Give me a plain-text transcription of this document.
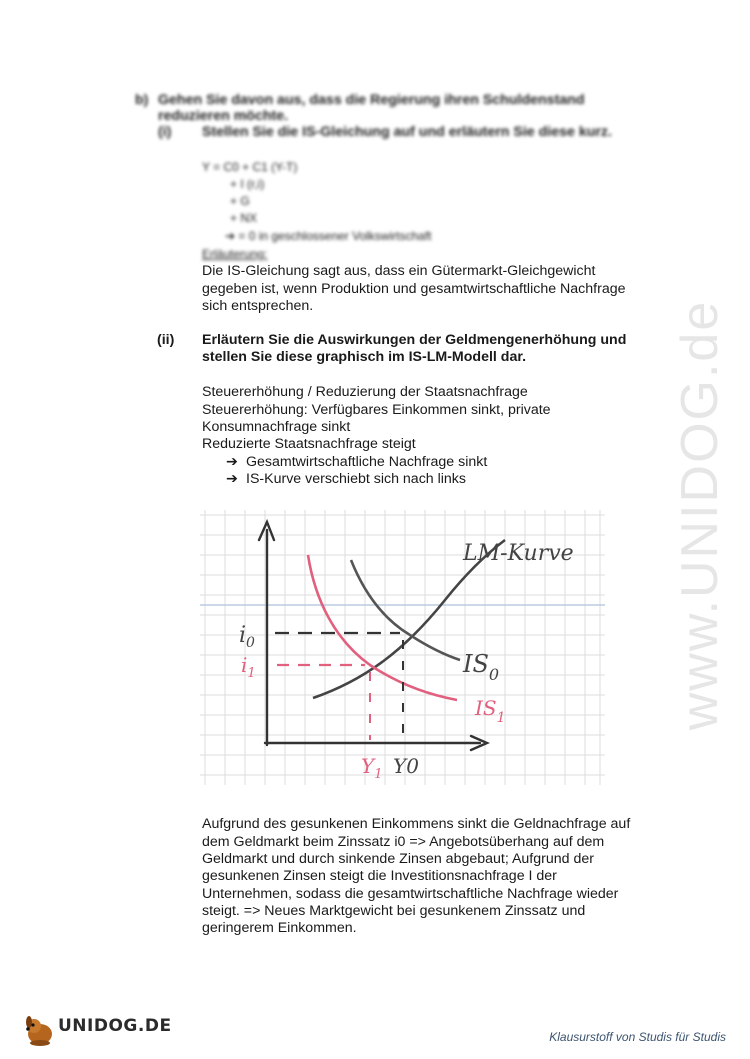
www.UNIDOG.de
b) Gehen Sie davon aus, dass die Regierung ihren Schuldenstand
reduzieren möchte.
(i) Stellen Sie die IS-Gleichung auf und erläutern Sie diese kurz.
Y = C0 + C1 (Y-T)
+ I (r,i)
+ G
+ NX
➔ = 0 in geschlossener Volkswirtschaft
Erläuterung:
Die IS-Gleichung sagt aus, dass ein Gütermarkt-Gleichgewicht
gegeben ist, wenn Produktion und gesamtwirtschaftliche Nachfrage
sich entsprechen.
(ii) Erläutern Sie die Auswirkungen der Geldmengenerhöhung und
stellen Sie diese graphisch im IS-LM-Modell dar.
Steuererhöhung / Reduzierung der Staatsnachfrage
Steuererhöhung: Verfügbares Einkommen sinkt, private
Konsumnachfrage sinkt
Reduzierte Staatsnachfrage steigt
➔ Gesamtwirtschaftliche Nachfrage sinkt
➔ IS-Kurve verschiebt sich nach links
LM-Kurve
$IS_0$
$IS_1$
$i_0$
$i_1$
$Y_1$ Y0
Aufgrund des gesunkenen Einkommens sinkt die Geldnachfrage auf
dem Geldmarkt beim Zinssatz i0 => Angebotsüberhang auf dem
Geldmarkt und durch sinkende Zinsen abgebaut; Aufgrund der
gesunkenen Zinsen steigt die Investitionsnachfrage I der
Unternehmen, sodass die gesamtwirtschaftliche Nachfrage wieder
steigt. => Neues Marktgewicht bei gesunkenem Zinssatz und
geringerem Einkommen.
UNIDOG.DE
Klausurstoff von Studis für Studis
